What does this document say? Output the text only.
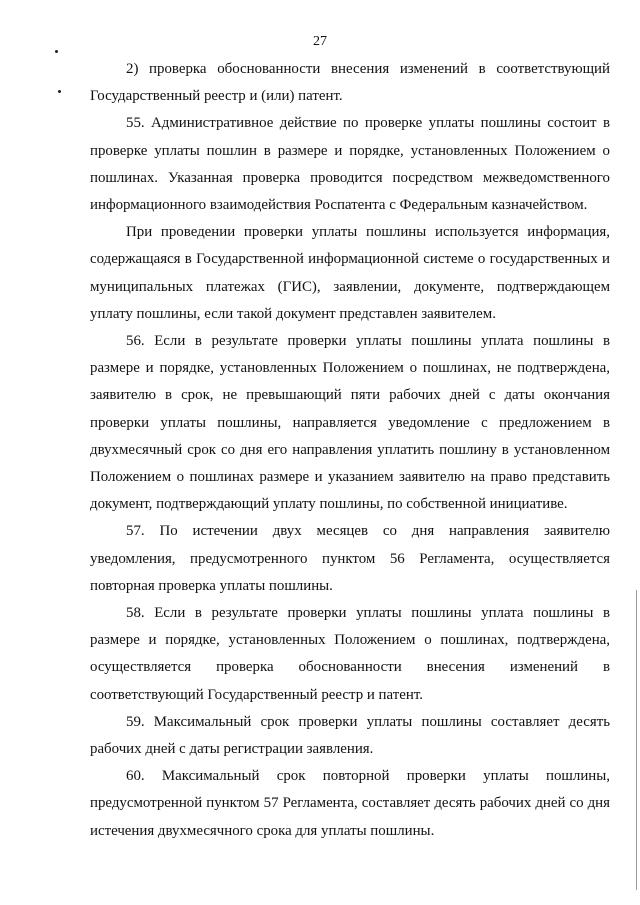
27

2) проверка обоснованности внесения изменений в соответствующий Государственный реестр и (или) патент.

55. Административное действие по проверке уплаты пошлины состоит в проверке уплаты пошлин в размере и порядке, установленных Положением о пошлинах. Указанная проверка проводится посредством межведомственного информационного взаимодействия Роспатента с Федеральным казначейством.

При проведении проверки уплаты пошлины используется информация, содержащаяся в Государственной информационной системе о государственных и муниципальных платежах (ГИС), заявлении, документе, подтверждающем уплату пошлины, если такой документ представлен заявителем.

56. Если в результате проверки уплаты пошлины уплата пошлины в размере и порядке, установленных Положением о пошлинах, не подтверждена, заявителю в срок, не превышающий пяти рабочих дней с даты окончания проверки уплаты пошлины, направляется уведомление с предложением в двухмесячный срок со дня его направления уплатить пошлину в установленном Положением о пошлинах размере и указанием заявителю на право представить документ, подтверждающий уплату пошлины, по собственной инициативе.

57. По истечении двух месяцев со дня направления заявителю уведомления, предусмотренного пунктом 56 Регламента, осуществляется повторная проверка уплаты пошлины.

58. Если в результате проверки уплаты пошлины уплата пошлины в размере и порядке, установленных Положением о пошлинах, подтверждена, осуществляется проверка обоснованности внесения изменений в соответствующий Государственный реестр и патент.

59. Максимальный срок проверки уплаты пошлины составляет десять рабочих дней с даты регистрации заявления.

60. Максимальный срок повторной проверки уплаты пошлины, предусмотренной пунктом 57 Регламента, составляет десять рабочих дней со дня истечения двухмесячного срока для уплаты пошлины.
